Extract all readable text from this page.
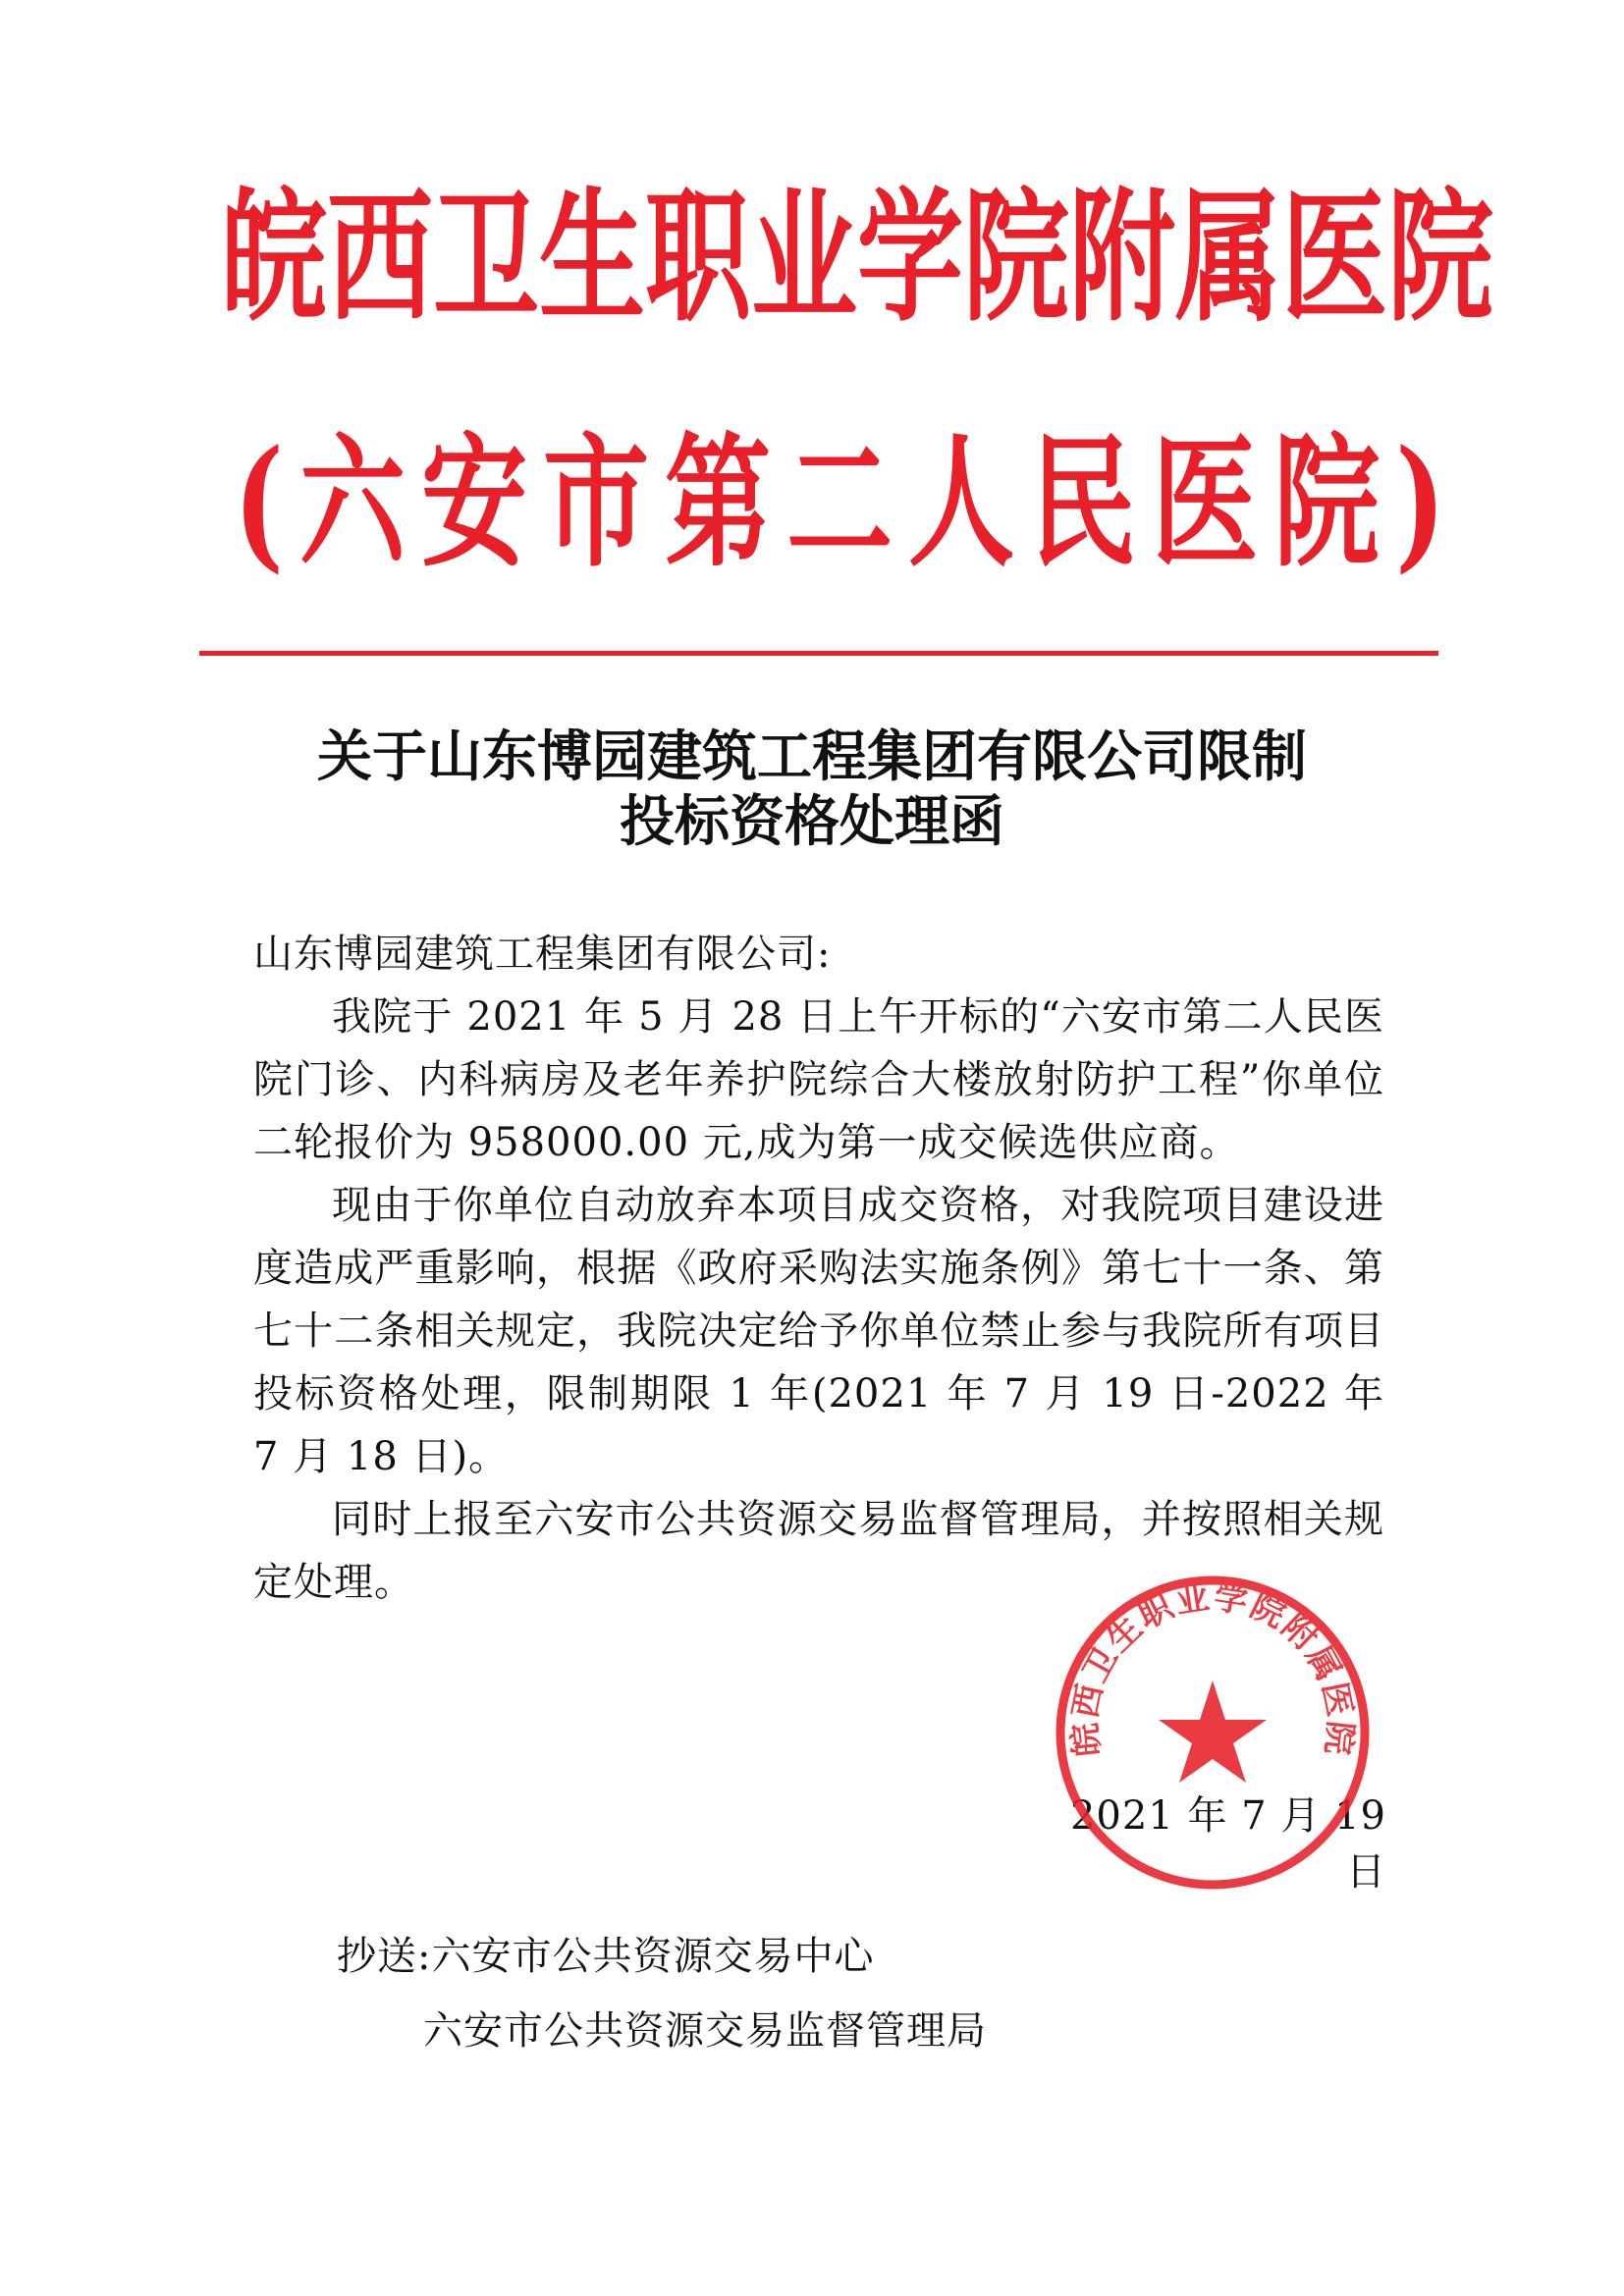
皖西卫生职业学院附属医院
(六安市第二人民医院)
关于山东博园建筑工程集团有限公司限制
投标资格处理函

山东博园建筑工程集团有限公司:

我院于 2021 年 5 月 28 日上午开标的“六安市第二人民医院门诊、内科病房及老年养护院综合大楼放射防护工程”你单位二轮报价为 958000.00 元,成为第一成交候选供应商。

现由于你单位自动放弃本项目成交资格，对我院项目建设进度造成严重影响，根据《政府采购法实施条例》第七十一条、第七十二条相关规定，我院决定给予你单位禁止参与我院所有项目投标资格处理，限制期限 1 年(2021 年 7 月 19 日-2022 年 7 月 18 日)。

同时上报至六安市公共资源交易监督管理局，并按照相关规定处理。

2021 年 7 月 19 日
皖西卫生职业学院附属医院
抄送:六安市公共资源交易中心
六安市公共资源交易监督管理局
